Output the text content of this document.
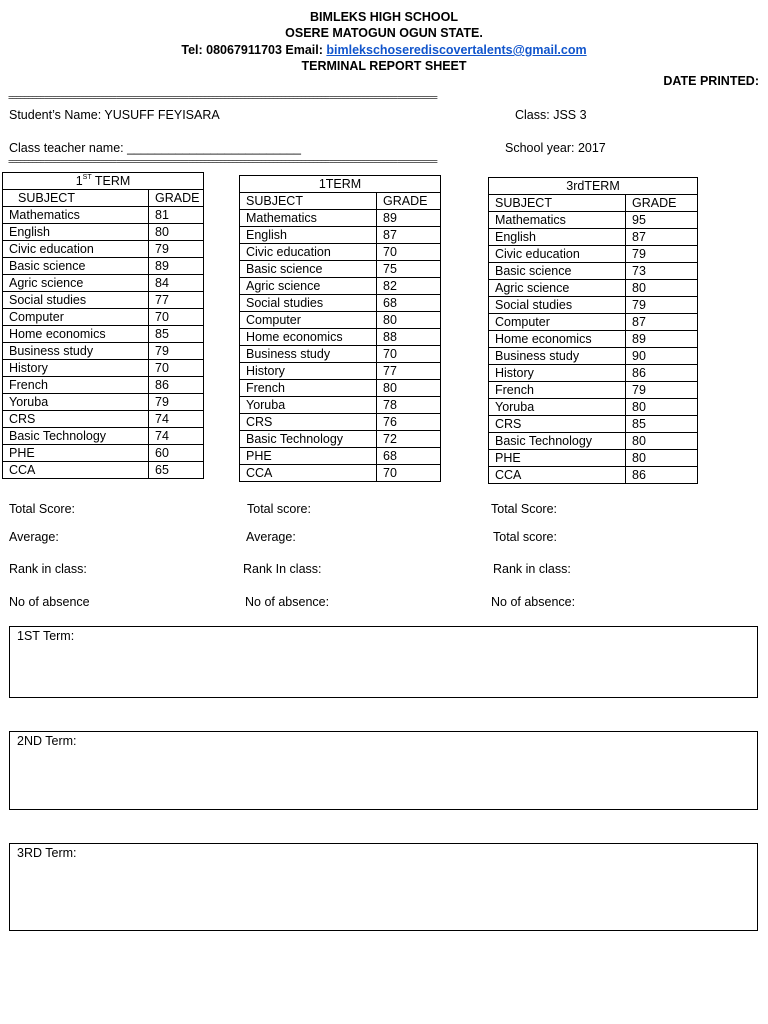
BIMLEKS HIGH SCHOOL
OSERE MATOGUN OGUN STATE.
Tel: 08067911703 Email: bimlekschoserediscovertalents@gmail.com
TERMINAL REPORT SHEET
DATE PRINTED:
===========================================================================================================
Student’s Name: YUSUFF FEYISARA	Class: JSS 3
Class teacher name: _________________________	School year: 2017
===========================================================================================================
1ST TERM	
SUBJECT	GRADE
Mathematics	81
English	80
Civic education	79
Basic science	89
Agric science	84
Social studies	77
Computer	70
Home economics	85
Business study	79
History	70
French	86
Yoruba	79
CRS	74
Basic Technology	74
PHE	60
CCA	65
1TERM	
SUBJECT	GRADE
Mathematics	89
English	87
Civic education	70
Basic science	75
Agric science	82
Social studies	68
Computer	80
Home economics	88
Business study	70
History	77
French	80
Yoruba	78
CRS	76
Basic Technology	72
PHE	68
CCA	70
3rdTERM	
SUBJECT	GRADE
Mathematics	95
English	87
Civic education	79
Basic science	73
Agric science	80
Social studies	79
Computer	87
Home economics	89
Business study	90
History	86
French	79
Yoruba	80
CRS	85
Basic Technology	80
PHE	80
CCA	86
Total Score:
Average:
Rank in class:
No of absence
Total score:
Average:
Rank In class:
No of absence:
Total Score:
Total score:
Rank in class:
No of absence:
1ST Term:
2ND Term:
3RD Term:
